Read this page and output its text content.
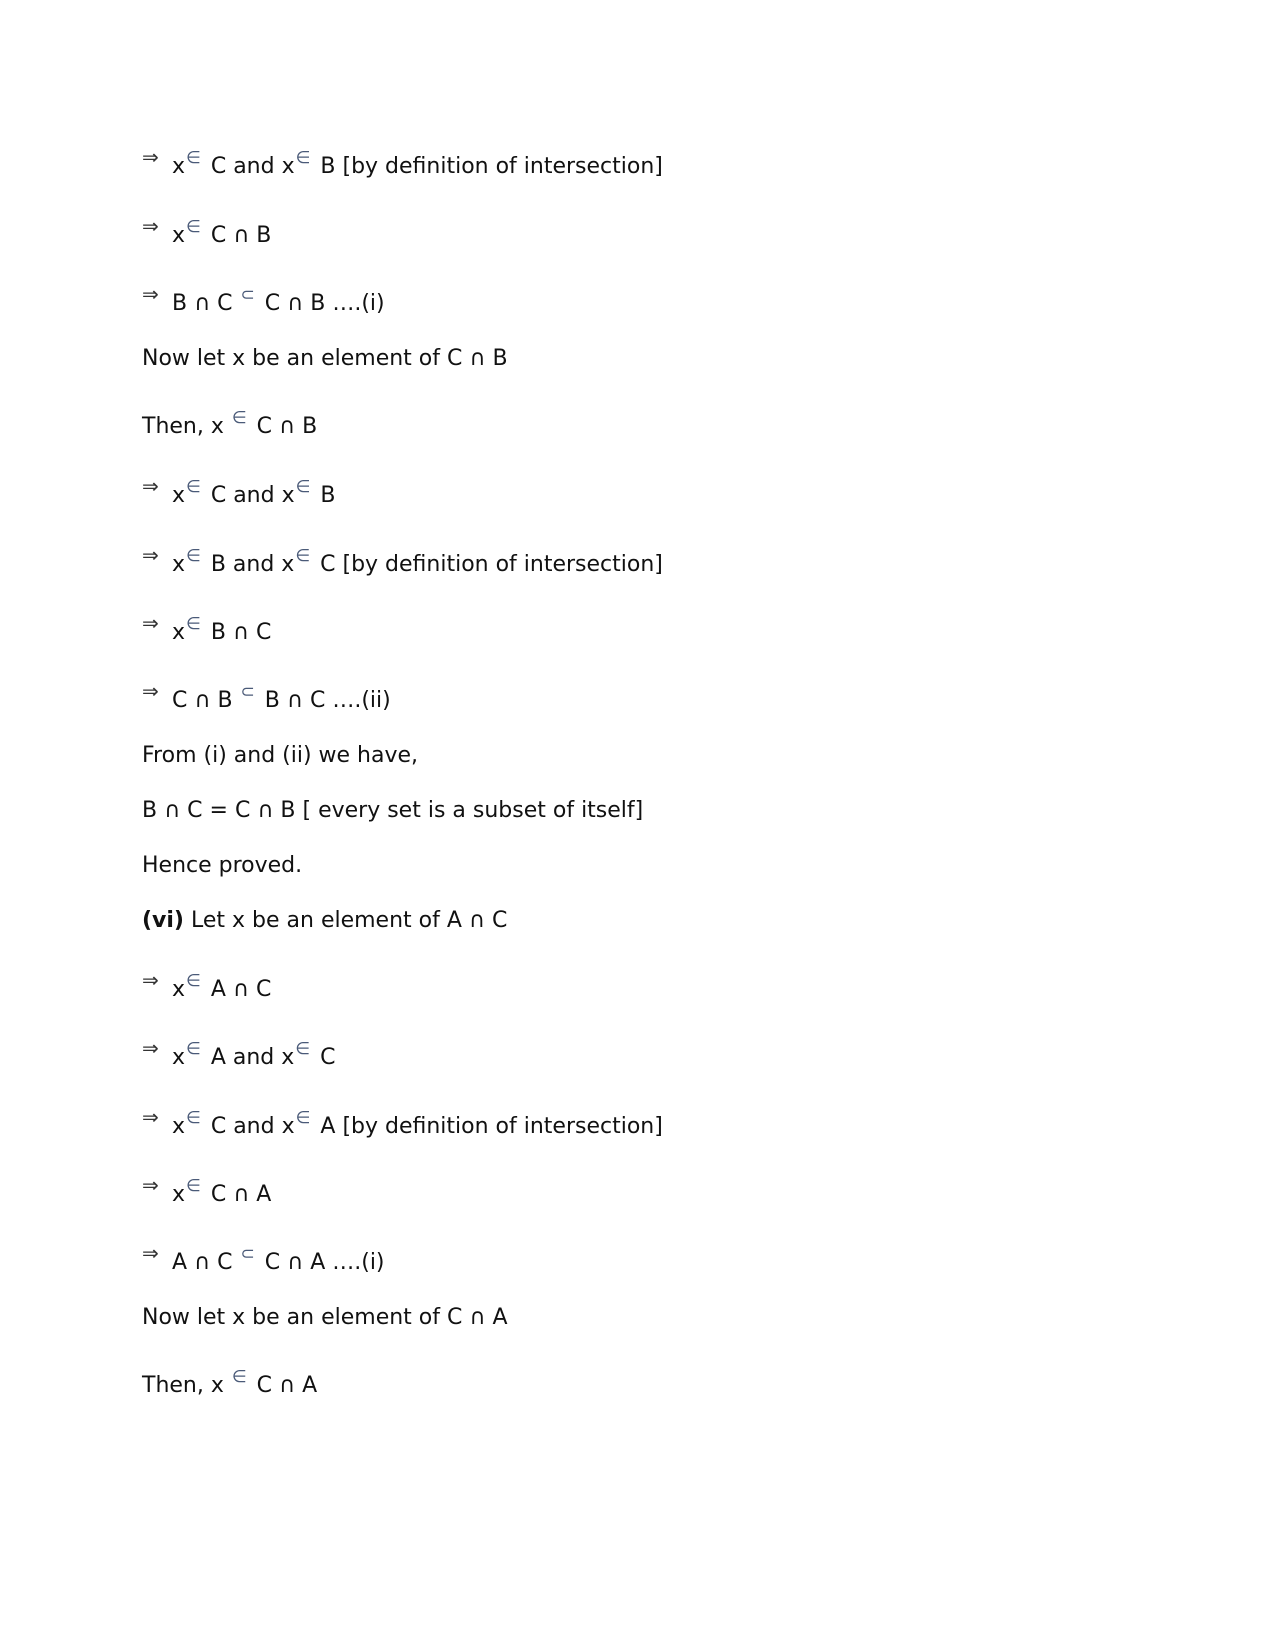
⇒ x∈ C and x∈ B [by definition of intersection]
⇒ x∈ C ∩ B
⇒ B ∩ C ⊂ C ∩ B ….(i)
Now let x be an element of C ∩ B
Then, x ∈ C ∩ B
⇒ x∈ C and x∈ B
⇒ x∈ B and x∈ C [by definition of intersection]
⇒ x∈ B ∩ C
⇒ C ∩ B ⊂ B ∩ C ….(ii)
From (i) and (ii) we have,
B ∩ C = C ∩ B [ every set is a subset of itself]
Hence proved.
(vi) Let x be an element of A ∩ C
⇒ x∈ A ∩ C
⇒ x∈ A and x∈ C
⇒ x∈ C and x∈ A [by definition of intersection]
⇒ x∈ C ∩ A
⇒ A ∩ C ⊂ C ∩ A ….(i)
Now let x be an element of C ∩ A
Then, x ∈ C ∩ A
